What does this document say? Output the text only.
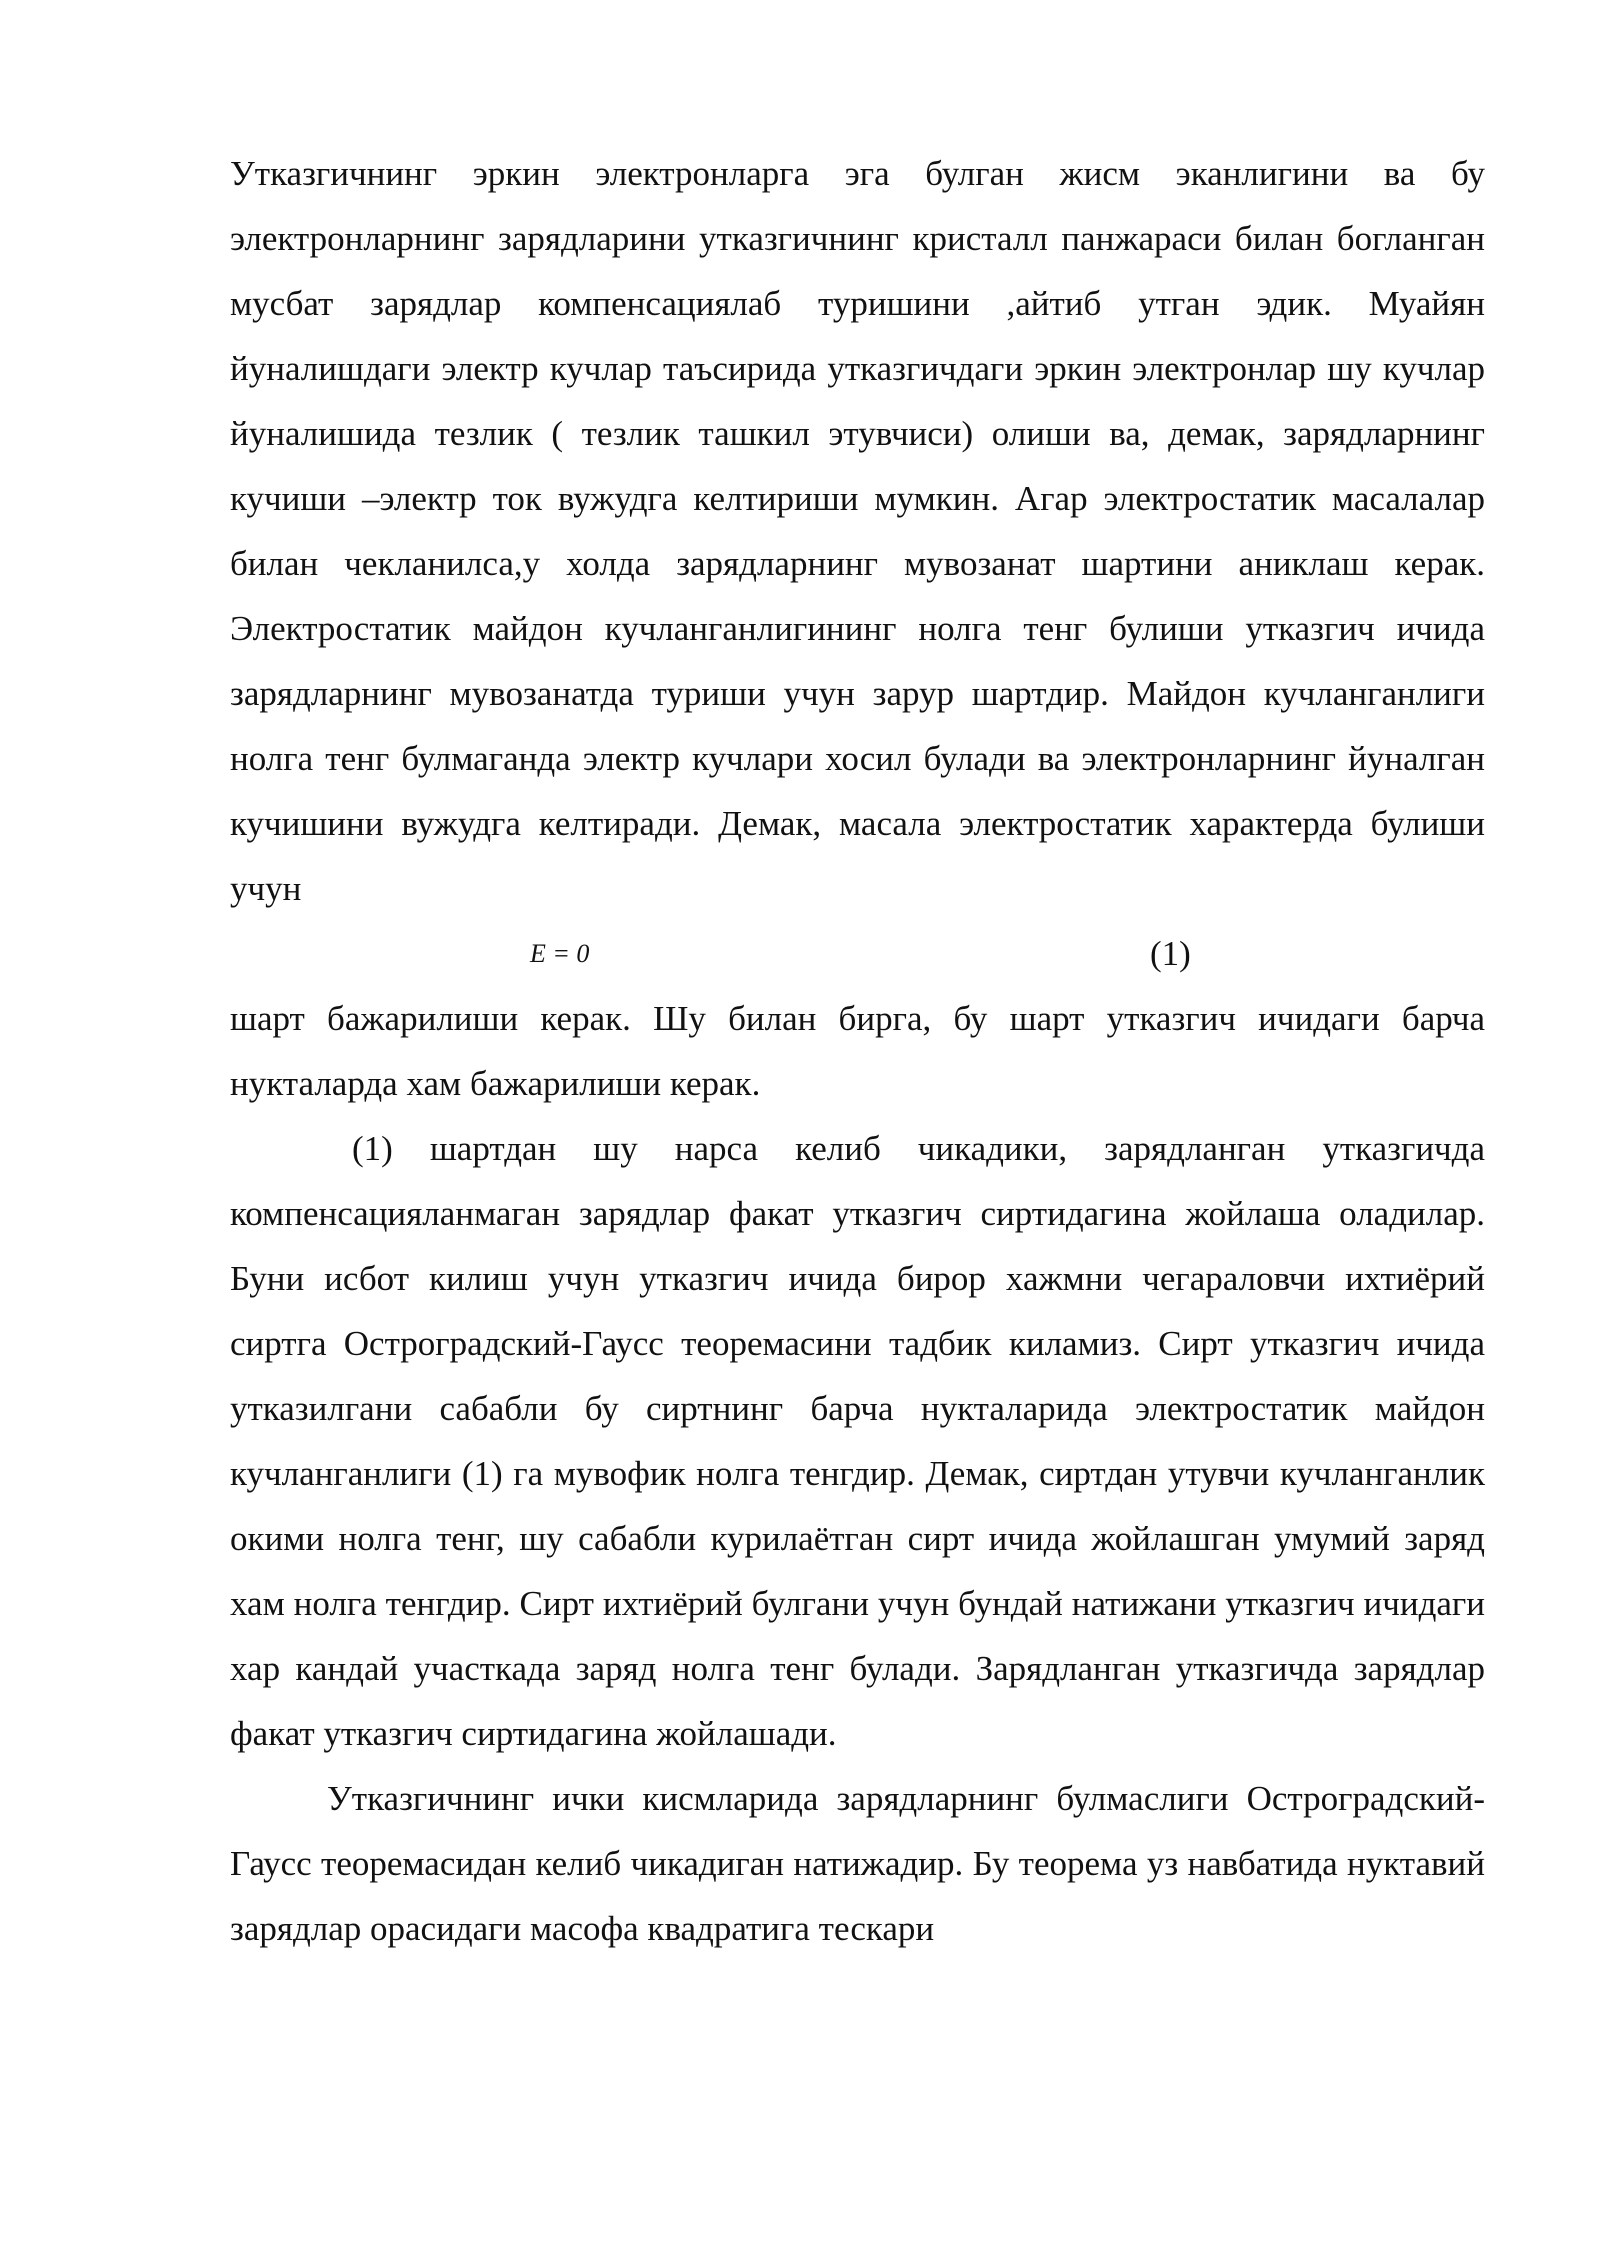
Утказгичнинг эркин электронларга эга булган жисм эканлигини ва бу электронларнинг зарядларини утказгичнинг кристалл панжараси билан богланган мусбат зарядлар компенсациялаб туришини ,айтиб утган эдик. Муайян йуналишдаги электр кучлар таъсирида утказгичдаги эркин электронлар шу кучлар йуналишида тезлик ( тезлик ташкил этувчиси) олиши ва, демак, зарядларнинг кучиши –электр ток вужудга келтириши мумкин. Агар электростатик масалалар билан чекланилса,у холда зарядларнинг мувозанат шартини аниклаш керак. Электростатик майдон кучланганлигининг нолга тенг булиши утказгич ичида зарядларнинг мувозанатда туриши учун зарур шартдир. Майдон кучланганлиги нолга тенг булмаганда электр кучлари хосил булади ва электронларнинг йуналган кучишини вужудга келтиради. Демак, масала электростатик характерда булиши учун

E = 0	(1)

шарт бажарилиши керак. Шу билан бирга, бу шарт утказгич ичидаги барча нукталарда хам бажарилиши керак.

(1) шартдан шу нарса келиб чикадики, зарядланган утказгичда компенсацияланмаган зарядлар факат утказгич сиртидагина жойлаша оладилар. Буни исбот килиш учун утказгич ичида бирор хажмни чегараловчи ихтиёрий сиртга Остроградский-Гаусс теоремасини тадбик киламиз. Сирт утказгич ичида утказилгани сабабли бу сиртнинг барча нукталарида электростатик майдон кучланганлиги (1) га мувофик нолга тенгдир. Демак, сиртдан утувчи кучланганлик окими нолга тенг, шу сабабли курилаётган сирт ичида жойлашган умумий заряд хам нолга тенгдир. Сирт ихтиёрий булгани учун бундай натижани утказгич ичидаги хар кандай участкада заряд нолга тенг булади. Зарядланган утказгичда зарядлар факат утказгич сиртидагина жойлашади.

Утказгичнинг ички кисмларида зарядларнинг булмаслиги Остроградский-Гаусс теоремасидан келиб чикадиган натижадир. Бу теорема уз навбатида нуктавий зарядлар орасидаги масофа квадратига тескари
